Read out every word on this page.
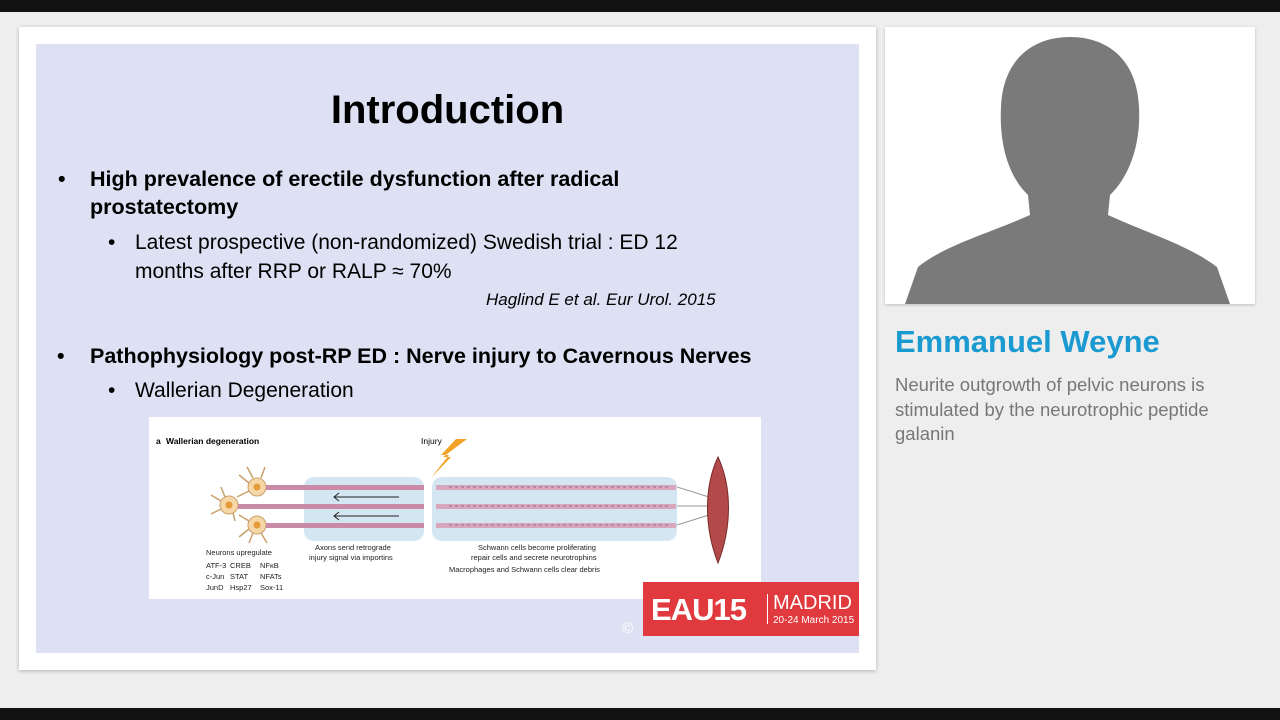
Introduction
• High prevalence of erectile dysfunction after radical prostatectomy
• Latest prospective (non-randomized) Swedish trial : ED 12 months after RRP or RALP ≈ 70%
Haglind E et al. Eur Urol. 2015
• Pathophysiology post-RP ED : Nerve injury to Cavernous Nerves
• Wallerian Degeneration
a Wallerian degeneration	Injury
Neurons upregulate
ATF-3 CREB NFκB
c-Jun STAT NFATs
JunD Hsp27 Sox-11
Axons send retrograde
injury signal via importins
Schwann cells become proliferating
repair cells and secrete neurotrophins
Macrophages and Schwann cells clear debris
EAU15 MADRID
20-24 March 2015
©
Emmanuel Weyne
Neurite outgrowth of pelvic neurons is stimulated by the neurotrophic peptide galanin
